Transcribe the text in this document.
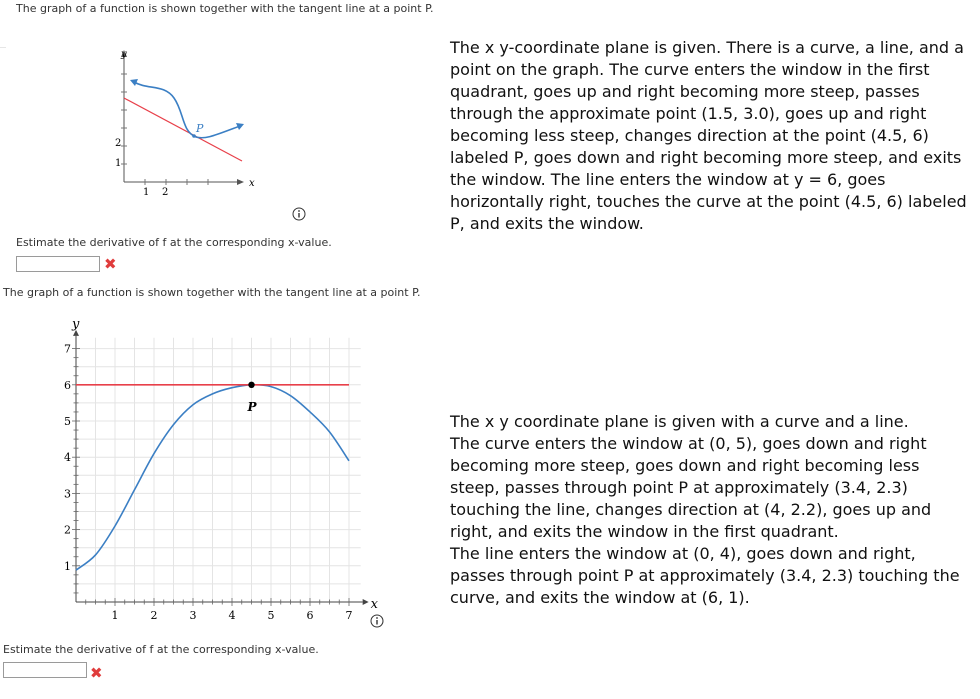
The graph of a function is shown together with the tangent line at a point P.
P
y
x
2
1
1 2
Estimate the derivative of f at the corresponding x-value.
✖
The x y-coordinate plane is given. There is a curve, a line, and a point on the graph. The curve enters the window in the first quadrant, goes up and right becoming more steep, passes through the approximate point (1.5, 3.0), goes up and right becoming less steep, changes direction at the point (4.5, 6) labeled P, goes down and right becoming more steep, and exits the window. The line enters the window at y = 6, goes horizontally right, touches the curve at the point (4.5, 6) labeled P, and exits the window.
The graph of a function is shown together with the tangent line at a point P.
P
y
x
1	2	3	4	5	6	7
1
2
3
4
5
6
7
Estimate the derivative of f at the corresponding x-value.
✖
The x y coordinate plane is given with a curve and a line.
The curve enters the window at (0, 5), goes down and right becoming more steep, goes down and right becoming less steep, passes through point P at approximately (3.4, 2.3) touching the line, changes direction at (4, 2.2), goes up and right, and exits the window in the first quadrant.
The line enters the window at (0, 4), goes down and right, passes through point P at approximately (3.4, 2.3) touching the curve, and exits the window at (6, 1).
